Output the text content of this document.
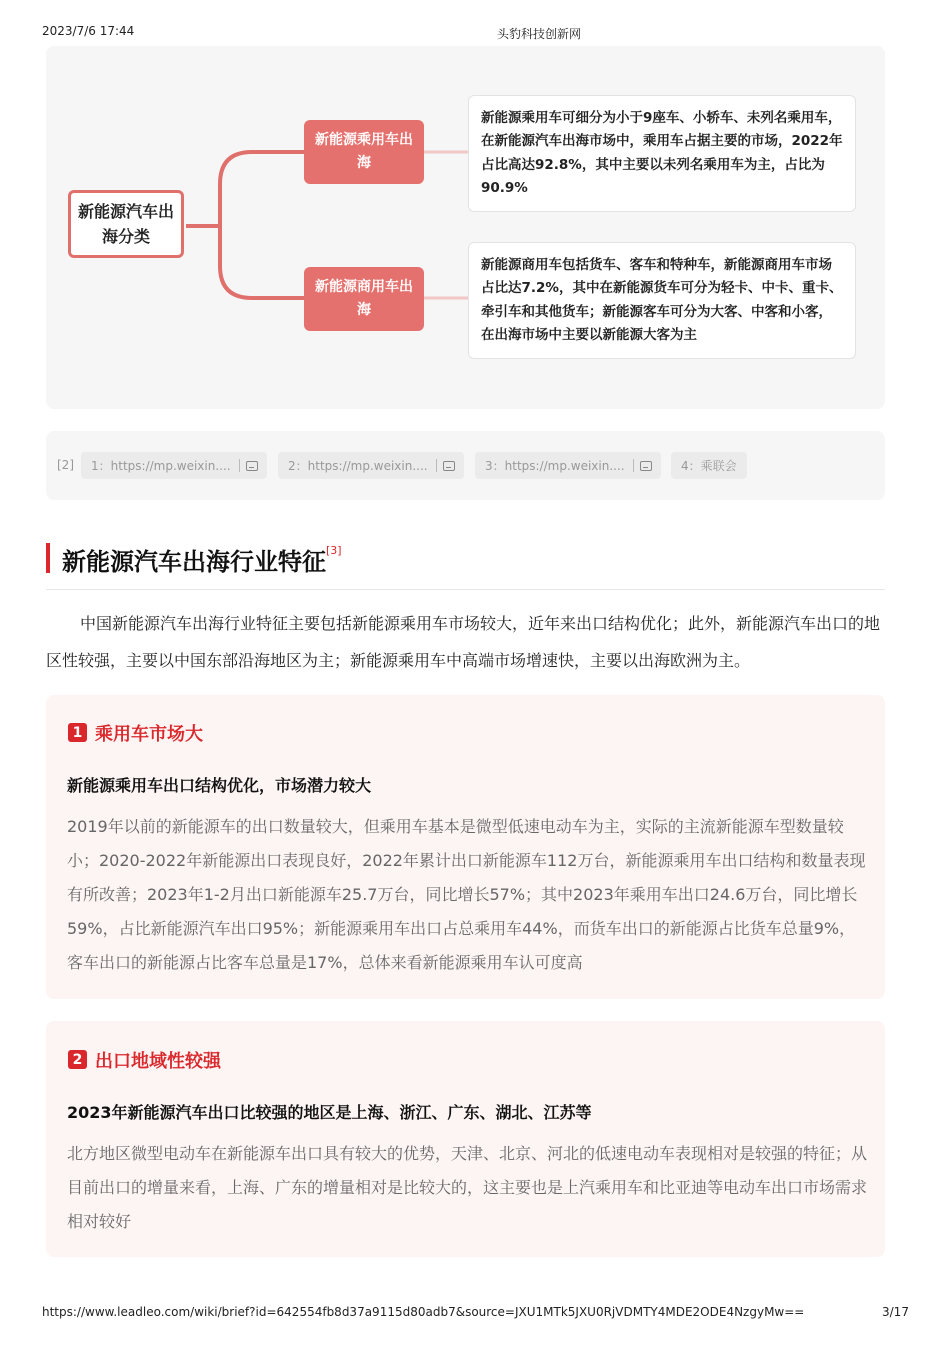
2023/7/6 17:44	头豹科技创新网
新能源汽车出海分类
新能源乘用车出海
新能源商用车出海
新能源乘用车可细分为小于9座车、小轿车、未列名乘用车，在新能源汽车出海市场中，乘用车占据主要的市场，2022年占比高达92.8%，其中主要以未列名乘用车为主，占比为90.9%
新能源商用车包括货车、客车和特种车，新能源商用车市场占比达7.2%，其中在新能源货车可分为轻卡、中卡、重卡、牵引车和其他货车；新能源客车可分为大客、中客和小客，在出海市场中主要以新能源大客为主
[2] 1：https://mp.weixin....	2：https://mp.weixin....	3：https://mp.weixin....	4：乘联会
新能源汽车出海行业特征[3]
中国新能源汽车出海行业特征主要包括新能源乘用车市场较大，近年来出口结构优化；此外，新能源汽车出口的地区性较强，主要以中国东部沿海地区为主；新能源乘用车中高端市场增速快，主要以出海欧洲为主。
1 乘用车市场大
新能源乘用车出口结构优化，市场潜力较大
2019年以前的新能源车的出口数量较大，但乘用车基本是微型低速电动车为主，实际的主流新能源车型数量较小；2020-2022年新能源出口表现良好，2022年累计出口新能源车112万台，新能源乘用车出口结构和数量表现有所改善；2023年1-2月出口新能源车25.7万台，同比增长57%；其中2023年乘用车出口24.6万台，同比增长59%，占比新能源汽车出口95%；新能源乘用车出口占总乘用车44%，而货车出口的新能源占比货车总量9%，客车出口的新能源占比客车总量是17%，总体来看新能源乘用车认可度高
2 出口地域性较强
2023年新能源汽车出口比较强的地区是上海、浙江、广东、湖北、江苏等
北方地区微型电动车在新能源车出口具有较大的优势，天津、北京、河北的低速电动车表现相对是较强的特征；从目前出口的增量来看，上海、广东的增量相对是比较大的，这主要也是上汽乘用车和比亚迪等电动车出口市场需求相对较好
https://www.leadleo.com/wiki/brief?id=642554fb8d37a9115d80adb7&source=JXU1MTk5JXU0RjVDMTY4MDE2ODE4NzgyMw==	3/17
